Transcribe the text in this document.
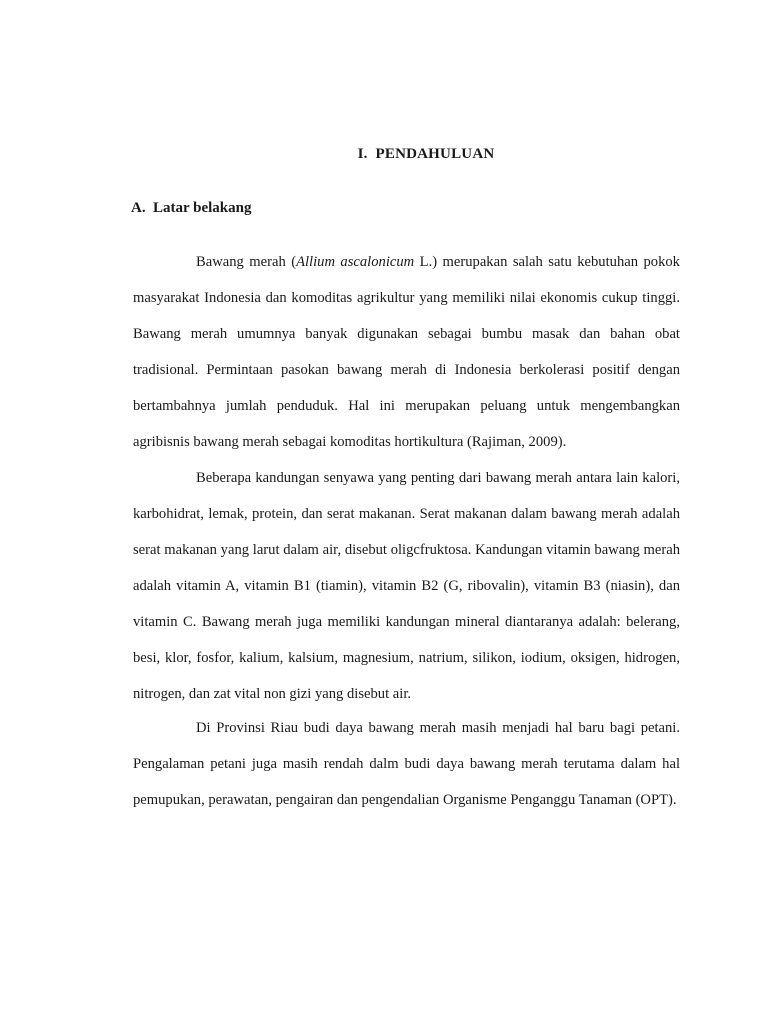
I. PENDAHULUAN
A. Latar belakang

Bawang merah (Allium ascalonicum L.) merupakan salah satu kebutuhan pokok masyarakat Indonesia dan komoditas agrikultur yang memiliki nilai ekonomis cukup tinggi. Bawang merah umumnya banyak digunakan sebagai bumbu masak dan bahan obat tradisional. Permintaan pasokan bawang merah di Indonesia berkolerasi positif dengan bertambahnya jumlah penduduk. Hal ini merupakan peluang untuk mengembangkan agribisnis bawang merah sebagai komoditas hortikultura (Rajiman, 2009).

Beberapa kandungan senyawa yang penting dari bawang merah antara lain kalori, karbohidrat, lemak, protein, dan serat makanan. Serat makanan dalam bawang merah adalah serat makanan yang larut dalam air, disebut oligcfruktosa. Kandungan vitamin bawang merah adalah vitamin A, vitamin B1 (tiamin), vitamin B2 (G, ribovalin), vitamin B3 (niasin), dan vitamin C. Bawang merah juga memiliki kandungan mineral diantaranya adalah: belerang, besi, klor, fosfor, kalium, kalsium, magnesium, natrium, silikon, iodium, oksigen, hidrogen, nitrogen, dan zat vital non gizi yang disebut air.

Di Provinsi Riau budi daya bawang merah masih menjadi hal baru bagi petani. Pengalaman petani juga masih rendah dalm budi daya bawang merah terutama dalam hal pemupukan, perawatan, pengairan dan pengendalian Organisme Penganggu Tanaman (OPT).
